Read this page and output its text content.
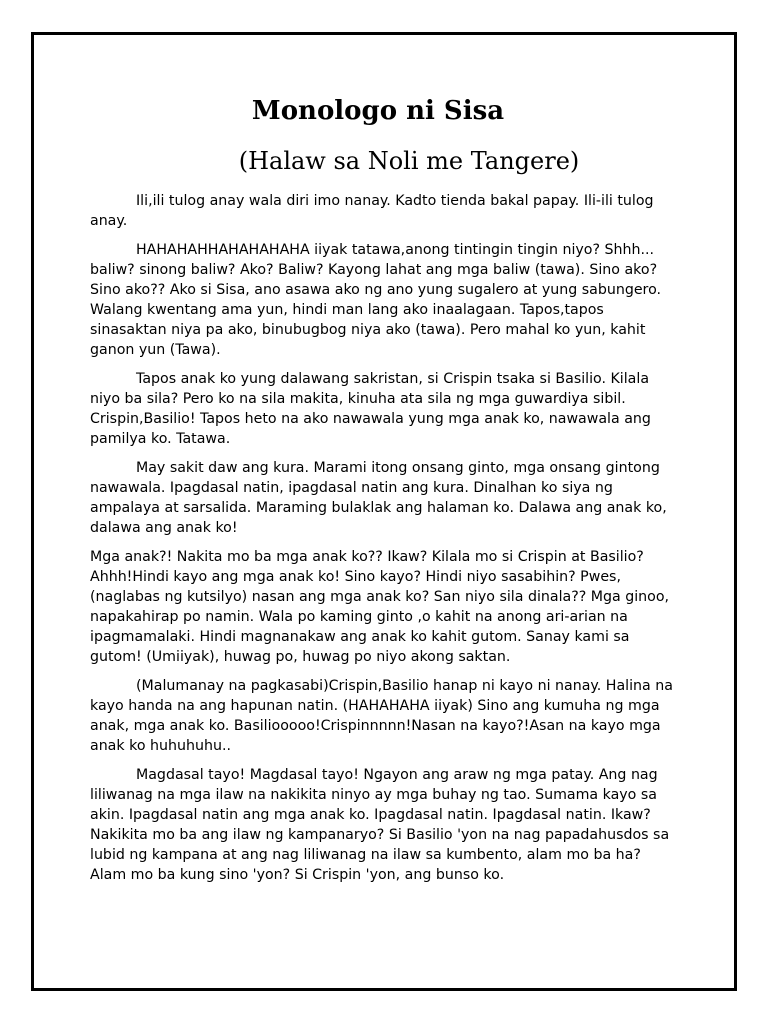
Monologo ni Sisa
(Halaw sa Noli me Tangere)

Ili,ili tulog anay wala diri imo nanay. Kadto tienda bakal papay. Ili-ili tulog anay.

HAHAHAHHAHAHAHAHA iiyak tatawa,anong tintingin tingin niyo? Shhh... baliw? sinong baliw? Ako? Baliw? Kayong lahat ang mga baliw (tawa). Sino ako? Sino ako?? Ako si Sisa, ano asawa ako ng ano yung sugalero at yung sabungero. Walang kwentang ama yun, hindi man lang ako inaalagaan. Tapos,tapos sinasaktan niya pa ako, binubugbog niya ako (tawa). Pero mahal ko yun, kahit ganon yun (Tawa).

Tapos anak ko yung dalawang sakristan, si Crispin tsaka si Basilio. Kilala niyo ba sila? Pero ko na sila makita, kinuha ata sila ng mga guwardiya sibil. Crispin,Basilio! Tapos heto na ako nawawala yung mga anak ko, nawawala ang pamilya ko. Tatawa.

May sakit daw ang kura. Marami itong onsang ginto, mga onsang gintong nawawala. Ipagdasal natin, ipagdasal natin ang kura. Dinalhan ko siya ng ampalaya at sarsalida. Maraming bulaklak ang halaman ko. Dalawa ang anak ko, dalawa ang anak ko!

Mga anak?! Nakita mo ba mga anak ko?? Ikaw? Kilala mo si Crispin at Basilio?Ahhh!Hindi kayo ang mga anak ko! Sino kayo? Hindi niyo sasabihin? Pwes,(naglabas ng kutsilyo) nasan ang mga anak ko? San niyo sila dinala?? Mga ginoo, napakahirap po namin. Wala po kaming ginto ,o kahit na anong ari-arian na ipagmamalaki. Hindi magnanakaw ang anak ko kahit gutom. Sanay kami sa gutom! (Umiiyak), huwag po, huwag po niyo akong saktan.

(Malumanay na pagkasabi)Crispin,Basilio hanap ni kayo ni nanay. Halina na kayo handa na ang hapunan natin. (HAHAHAHA iiyak) Sino ang kumuha ng mga anak, mga anak ko. Basiliooooo!Crispinnnnn!Nasan na kayo?!Asan na kayo mga anak ko huhuhuhu..

Magdasal tayo! Magdasal tayo! Ngayon ang araw ng mga patay. Ang nag liliwanag na mga ilaw na nakikita ninyo ay mga buhay ng tao. Sumama kayo sa akin. Ipagdasal natin ang mga anak ko. Ipagdasal natin. Ipagdasal natin. Ikaw? Nakikita mo ba ang ilaw ng kampanaryo? Si Basilio 'yon na nag papadahusdos sa lubid ng kampana at ang nag liliwanag na ilaw sa kumbento, alam mo ba ha? Alam mo ba kung sino 'yon? Si Crispin 'yon, ang bunso ko.
